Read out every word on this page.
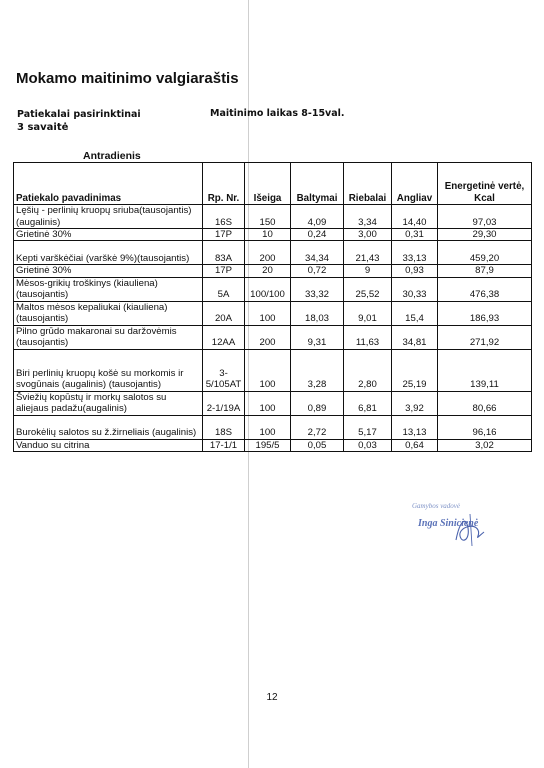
Mokamo maitinimo valgiaraštis
Patiekalai pasirinktinai
3 savaitė
Maitinimo laikas 8-15val.
Antradienis
Patiekalo pavadinimas	Rp. Nr.	Išeiga	Baltymai	Riebalai	Angliav	Energetinė vertė, Kcal
Lęšių - perlinių kruopų sriuba(tausojantis)(augalinis)	16S	150	4,09	3,34	14,40	97,03
Grietinė 30%	17P	10	0,24	3,00	0,31	29,30
Kepti varškėčiai (varškė 9%)(tausojantis)	83A	200	34,34	21,43	33,13	459,20
Grietinė 30%	17P	20	0,72	9	0,93	87,9
Mėsos-grikių troškinys (kiauliena) (tausojantis)	5A	100/100	33,32	25,52	30,33	476,38
Maltos mėsos kepaliukai (kiauliena) (tausojantis)	20A	100	18,03	9,01	15,4	186,93
Pilno grūdo makaronai su daržovėmis (tausojantis)	12AA	200	9,31	11,63	34,81	271,92
Biri perlinių kruopų košė su morkomis ir svogūnais (augalinis) (tausojantis)	3-5/105AT	100	3,28	2,80	25,19	139,11
Šviežių kopūstų ir morkų salotos su aliejaus padažu(augalinis)	2-1/19A	100	0,89	6,81	3,92	80,66
Burokėlių salotos su ž.žirneliais (augalinis)	18S	100	2,72	5,17	13,13	96,16
Vanduo su citrina	17-1/1	195/5	0,05	0,03	0,64	3,02
Gamybos vadovė
Inga Sinicienė
12
